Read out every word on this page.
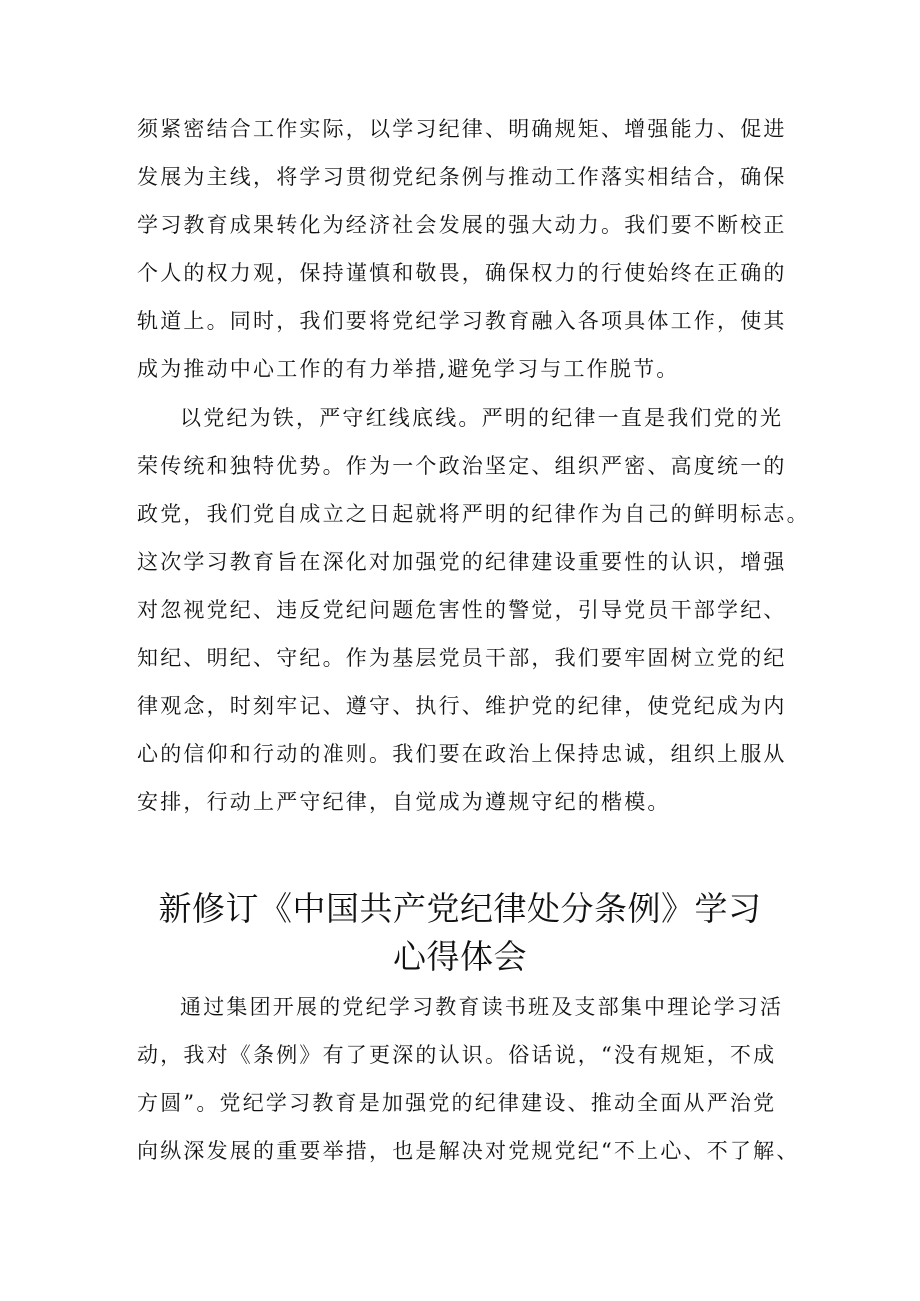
须紧密结合工作实际，以学习纪律、明确规矩、增强能力、促进
发展为主线，将学习贯彻党纪条例与推动工作落实相结合，确保
学习教育成果转化为经济社会发展的强大动力。我们要不断校正
个人的权力观，保持谨慎和敬畏，确保权力的行使始终在正确的
轨道上。同时，我们要将党纪学习教育融入各项具体工作，使其
成为推动中心工作的有力举措,避免学习与工作脱节。
以党纪为铁，严守红线底线。严明的纪律一直是我们党的光
荣传统和独特优势。作为一个政治坚定、组织严密、高度统一的
政党，我们党自成立之日起就将严明的纪律作为自己的鲜明标志。
这次学习教育旨在深化对加强党的纪律建设重要性的认识，增强
对忽视党纪、违反党纪问题危害性的警觉，引导党员干部学纪、
知纪、明纪、守纪。作为基层党员干部，我们要牢固树立党的纪
律观念，时刻牢记、遵守、执行、维护党的纪律，使党纪成为内
心的信仰和行动的准则。我们要在政治上保持忠诚，组织上服从
安排，行动上严守纪律，自觉成为遵规守纪的楷模。
新修订《中国共产党纪律处分条例》学习
心得体会
通过集团开展的党纪学习教育读书班及支部集中理论学习活
动，我对《条例》有了更深的认识。俗话说，“没有规矩，不成
方圆”。党纪学习教育是加强党的纪律建设、推动全面从严治党
向纵深发展的重要举措，也是解决对党规党纪“不上心、不了解、
